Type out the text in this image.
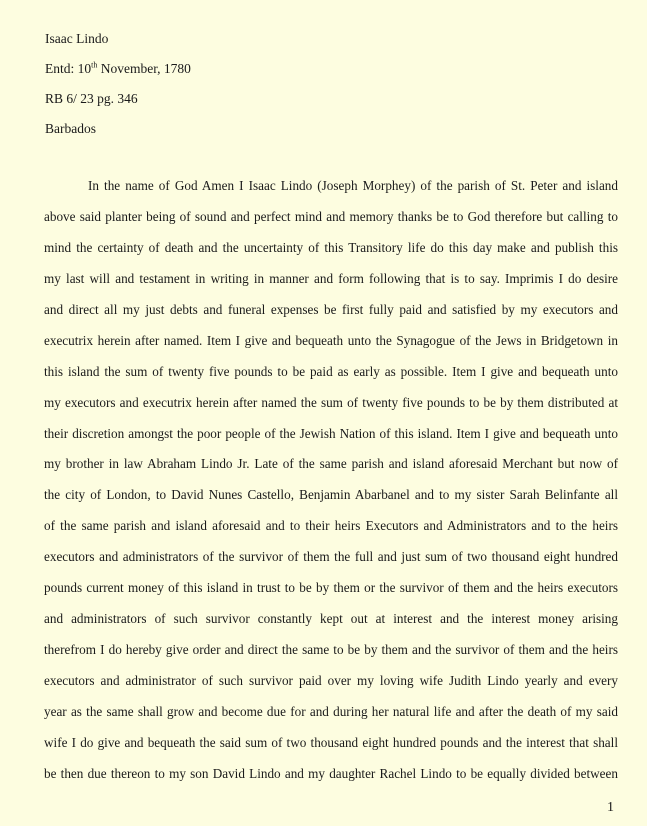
Isaac Lindo
Entd: 10th November, 1780
RB 6/ 23 pg. 346
Barbados
In the name of God Amen I Isaac Lindo (Joseph Morphey) of the parish of St. Peter and island
above said planter being of sound and perfect mind and memory thanks be to God therefore but calling to
mind the certainty of death and the uncertainty of this Transitory life do this day make and publish this
my last will and testament in writing in manner and form following that is to say. Imprimis I do desire
and direct all my just debts and funeral expenses be first fully paid and satisfied by my executors and
executrix herein after named. Item I give and bequeath unto the Synagogue of the Jews in Bridgetown in
this island the sum of twenty five pounds to be paid as early as possible. Item I give and bequeath unto
my executors and executrix herein after named the sum of twenty five pounds to be by them distributed at
their discretion amongst the poor people of the Jewish Nation of this island. Item I give and bequeath unto
my brother in law Abraham Lindo Jr. Late of the same parish and island aforesaid Merchant but now of
the city of London, to David Nunes Castello, Benjamin Abarbanel and to my sister Sarah Belinfante all
of the same parish and island aforesaid and to their heirs Executors and Administrators and to the heirs
executors and administrators of the survivor of them the full and just sum of two thousand eight hundred
pounds current money of this island in trust to be by them or the survivor of them and the heirs executors
and administrators of such survivor constantly kept out at interest and the interest money arising
therefrom I do hereby give order and direct the same to be by them and the survivor of them and the heirs
executors and administrator of such survivor paid over my loving wife Judith Lindo yearly and every
year as the same shall grow and become due for and during her natural life and after the death of my said
wife I do give and bequeath the said sum of two thousand eight hundred pounds and the interest that shall
be then due thereon to my son David Lindo and my daughter Rachel Lindo to be equally divided between
1
